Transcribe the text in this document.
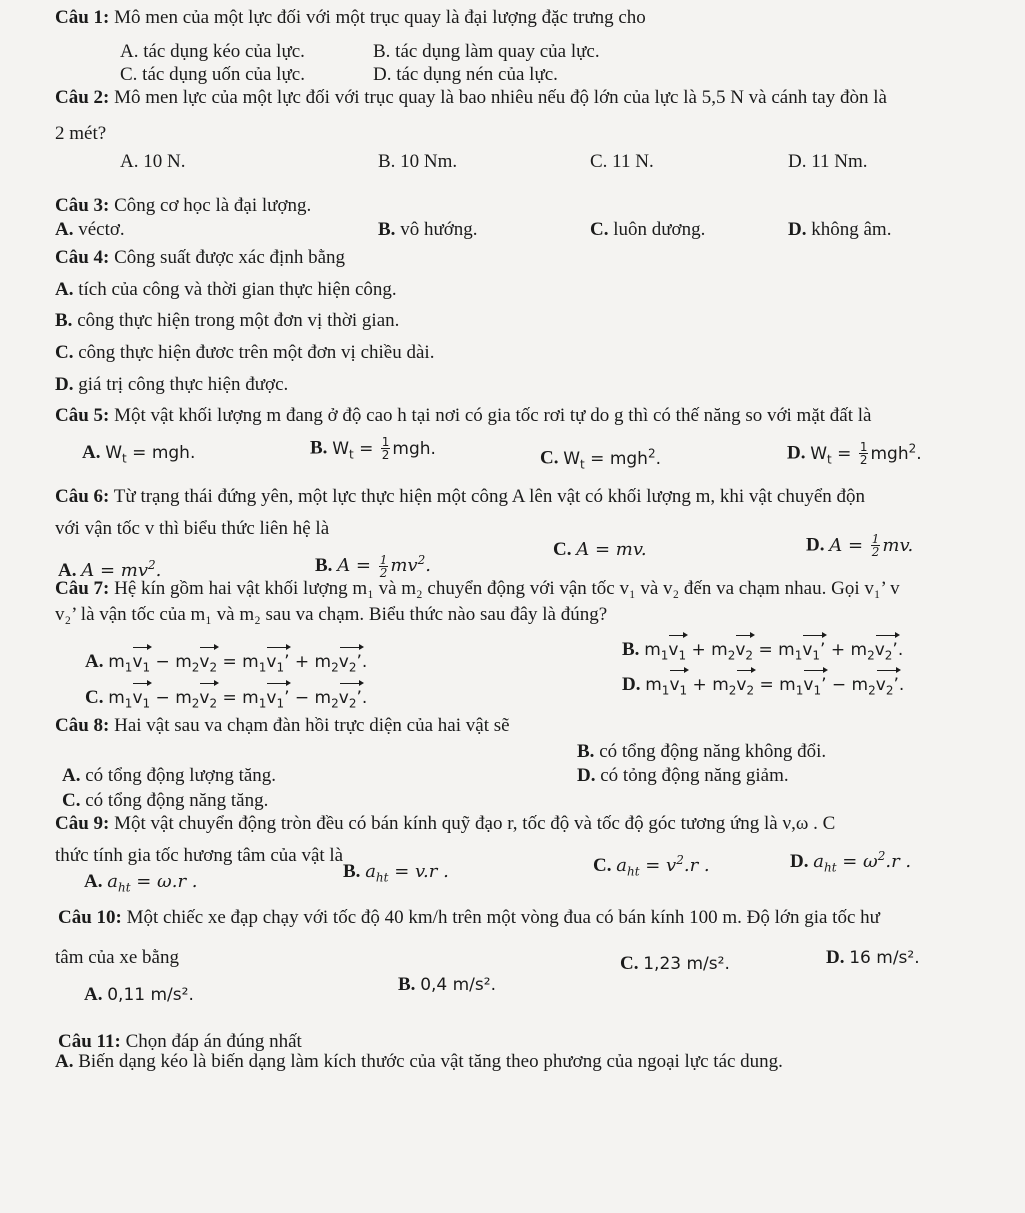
Câu 1: Mô men của một lực đối với một trục quay là đại lượng đặc trưng cho
A. tác dụng kéo của lực.	B. tác dụng làm quay của lực.
C. tác dụng uốn của lực.	D. tác dụng nén của lực.
Câu 2: Mô men lực của một lực đối với trục quay là bao nhiêu nếu độ lớn của lực là 5,5 N và cánh tay đòn là
2 mét?
A. 10 N.	B. 10 Nm.	C. 11 N.	D. 11 Nm.
Câu 3: Công cơ học là đại lượng.
A. véctơ.	B. vô hướng.	C. luôn dương.	D. không âm.
Câu 4: Công suất được xác định bằng
A. tích của công và thời gian thực hiện công.
B. công thực hiện trong một đơn vị thời gian.
C. công thực hiện đươc trên một đơn vị chiều dài.
D. giá trị công thực hiện được.
Câu 5: Một vật khối lượng m đang ở độ cao h tại nơi có gia tốc rơi tự do g thì có thế năng so với mặt đất là
A. $W_t$ = mgh.	B. $W_t = \frac{1}{2}$ mgh.	C. $W_t = mgh^2$.	D. $W_t = \frac{1}{2} mgh^2$.
Câu 6: Từ trạng thái đứng yên, một lực thực hiện một công A lên vật có khối lượng m, khi vật chuyển độn
với vận tốc v thì biểu thức liên hệ là
A. $A = mv^2$.	B. $A = \frac{1}{2} mv^2$.
C. A = mv.	D. $A = \frac{1}{2}$ mv.
Câu 7: Hệ kín gồm hai vật khối lượng m₁ và m₂ chuyển động với vận tốc v₁ và v₂ đến va chạm nhau. Gọi v₁’ v
v₂’ là vận tốc của m₁ và m₂ sau va chạm. Biểu thức nào sau đây là đúng?
A. $m_1v_1 - m_2v_2 = m_1v_1$’ + $m_2v_2$’.
B. $m_1v_1 + m_2v_2 = m_1v_1$’ + $m_2v_2$’.
C. $m_1v_1 - m_2v_2 = m_1v_1$’ − $m_2v_2$’.
D. $m_1v_1 + m_2v_2 = m_1v_1$’ − $m_2v_2$’.
Câu 8: Hai vật sau va chạm đàn hồi trực diện của hai vật sẽ
B. có tổng động năng không đổi.
A. có tổng động lượng tăng.	D. có tỏng động năng giảm.
C. có tổng động năng tăng.
Câu 9: Một vật chuyển động tròn đều có bán kính quỹ đạo r, tốc độ và tốc độ góc tương ứng là ν,ω . C
thức tính gia tốc hương tâm của vật là
A. $a_{ht} = \omega.r$ .	B. $a_{ht} = v.r$ .	C. $a_{ht} = v^2.r$ .	D. $a_{ht} = \omega^2.r$ .
Câu 10: Một chiếc xe đạp chạy với tốc độ 40 km/h trên một vòng đua có bán kính 100 m. Độ lớn gia tốc hư
tâm của xe bằng	D. 16 m/s².
C. 1,23 m/s².
B. 0,4 m/s².
A. 0,11 m/s².
Câu 11: Chọn đáp án đúng nhất
A. Biến dạng kéo là biến dạng làm kích thước của vật tăng theo phương của ngoại lực tác dung.
